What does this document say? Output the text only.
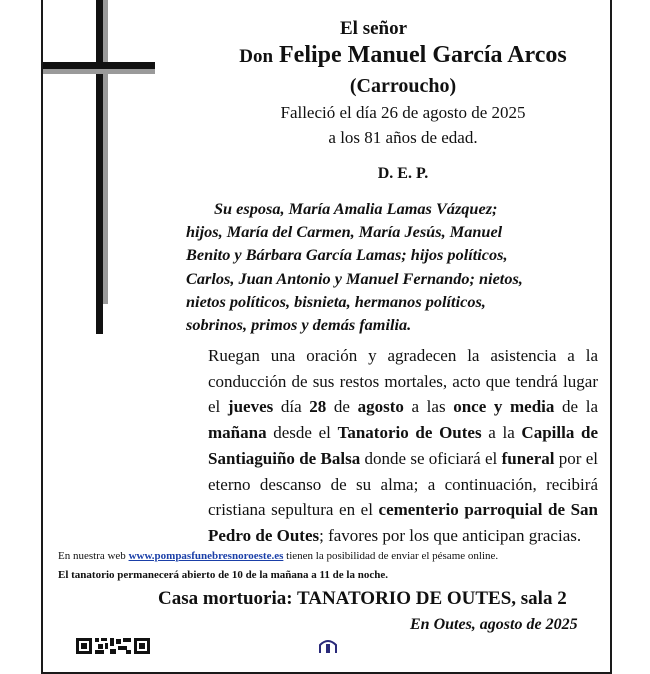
El señor
Don Felipe Manuel García Arcos
(Carroucho)
Falleció el día 26 de agosto de 2025
a los 81 años de edad.
D. E. P.
Su esposa, María Amalia Lamas Vázquez;
hijos, María del Carmen, María Jesús, Manuel
Benito y Bárbara García Lamas; hijos políticos,
Carlos, Juan Antonio y Manuel Fernando; nietos,
nietos políticos, bisnieta, hermanos políticos,
sobrinos, primos y demás familia.
Ruegan una oración y agradecen la asistencia a la conducción de sus restos mortales, acto que tendrá lugar el jueves día 28 de agosto a las once y media de la mañana desde el Tanatorio de Outes a la Capilla de Santiaguiño de Balsa donde se oficiará el funeral por el eterno descanso de su alma; a continuación, recibirá cristiana sepultura en el cementerio parroquial de San Pedro de Outes; favores por los que anticipan gracias.
En nuestra web www.pompasfunebresnoroeste.es tienen la posibilidad de enviar el pésame online.
El tanatorio permanecerá abierto de 10 de la mañana a 11 de la noche.
Casa mortuoria: TANATORIO DE OUTES, sala 2
En Outes, agosto de 2025
